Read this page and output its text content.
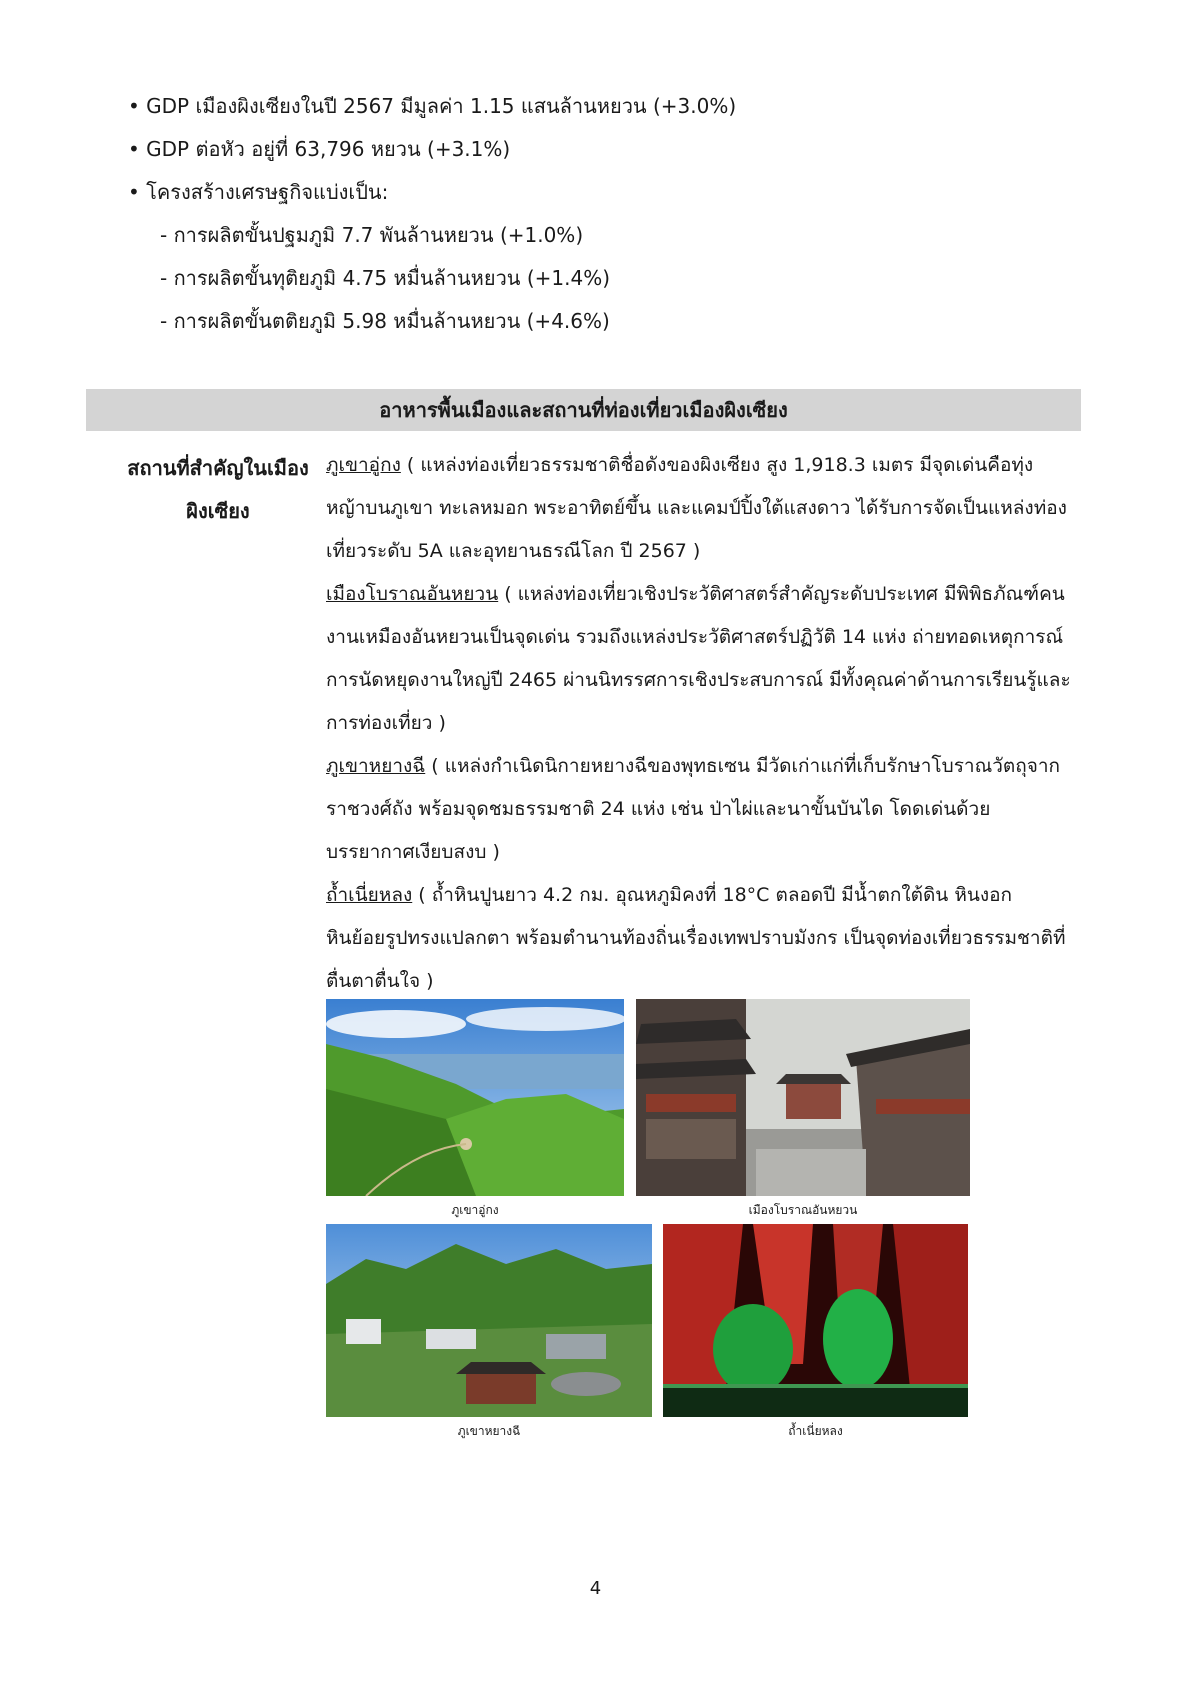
• GDP เมืองผิงเซียงในปี 2567 มีมูลค่า 1.15 แสนล้านหยวน (+3.0%)
• GDP ต่อหัว อยู่ที่ 63,796 หยวน (+3.1%)
• โครงสร้างเศรษฐกิจแบ่งเป็น:
- การผลิตขั้นปฐมภูมิ 7.7 พันล้านหยวน (+1.0%)
- การผลิตขั้นทุติยภูมิ 4.75 หมื่นล้านหยวน (+1.4%)
- การผลิตขั้นตติยภูมิ 5.98 หมื่นล้านหยวน (+4.6%)
อาหารพื้นเมืองและสถานที่ท่องเที่ยวเมืองผิงเซียง
สถานที่สำคัญในเมือง
ผิงเซียง
ภูเขาอู่กง ( แหล่งท่องเที่ยวธรรมชาติชื่อดังของผิงเซียง สูง 1,918.3 เมตร มีจุดเด่นคือทุ่งหญ้าบนภูเขา ทะเลหมอก พระอาทิตย์ขึ้น และแคมป์ปิ้งใต้แสงดาว ได้รับการจัดเป็นแหล่งท่องเที่ยวระดับ 5A และอุทยานธรณีโลก ปี 2567 )
เมืองโบราณอันหยวน ( แหล่งท่องเที่ยวเชิงประวัติศาสตร์สำคัญระดับประเทศ มีพิพิธภัณฑ์คนงานเหมืองอันหยวนเป็นจุดเด่น รวมถึงแหล่งประวัติศาสตร์ปฏิวัติ 14 แห่ง ถ่ายทอดเหตุการณ์การนัดหยุดงานใหญ่ปี 2465 ผ่านนิทรรศการเชิงประสบการณ์ มีทั้งคุณค่าด้านการเรียนรู้และการท่องเที่ยว )
ภูเขาหยางฉี ( แหล่งกำเนิดนิกายหยางฉีของพุทธเซน มีวัดเก่าแก่ที่เก็บรักษาโบราณวัตถุจากราชวงศ์ถัง พร้อมจุดชมธรรมชาติ 24 แห่ง เช่น ป่าไผ่และนาขั้นบันได โดดเด่นด้วยบรรยากาศเงียบสงบ )
ถ้ำเนี่ยหลง ( ถ้ำหินปูนยาว 4.2 กม. อุณหภูมิคงที่ 18°C ตลอดปี มีน้ำตกใต้ดิน หินงอกหินย้อยรูปทรงแปลกตา พร้อมตำนานท้องถิ่นเรื่องเทพปราบมังกร เป็นจุดท่องเที่ยวธรรมชาติที่ตื่นตาตื่นใจ )
ภูเขาอู่กง	เมืองโบราณอันหยวน
ภูเขาหยางฉี	ถ้ำเนี่ยหลง
4
